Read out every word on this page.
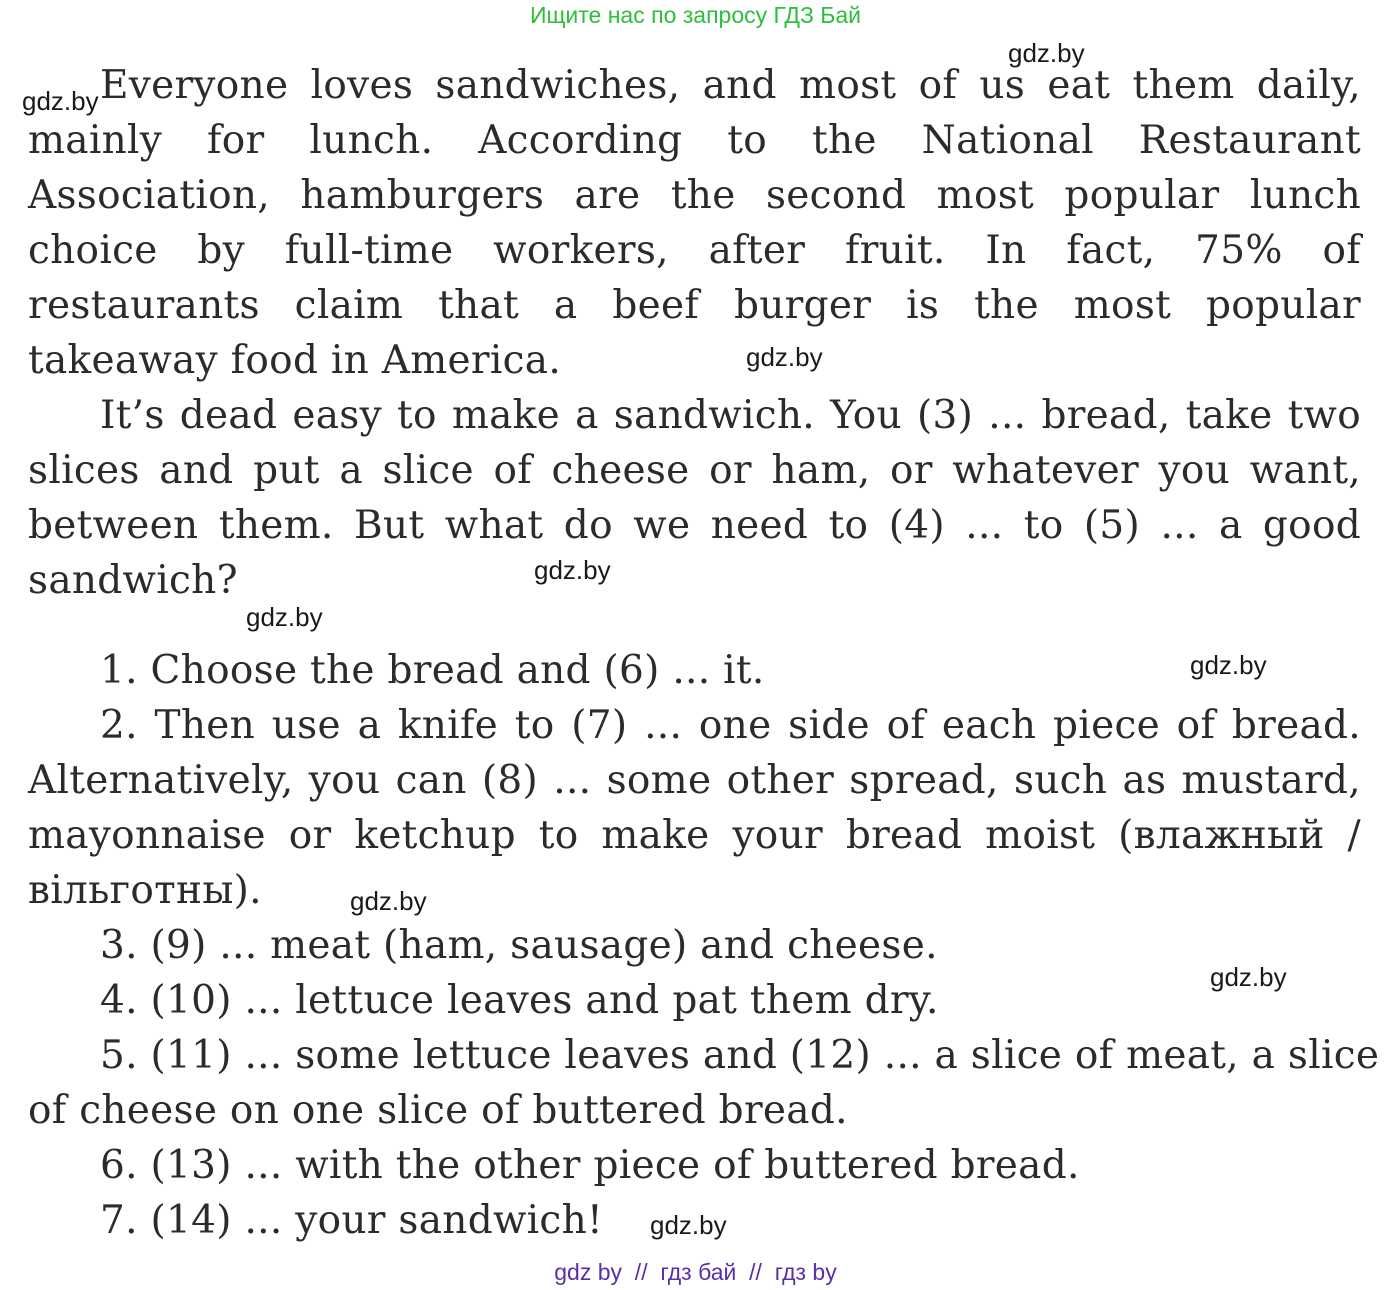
Ищите нас по запросу ГДЗ Бай
gdz.by
gdz.by
gdz.by
gdz.by
gdz.by
gdz.by
gdz.by
gdz.by
gdz.by
Everyone loves sandwiches, and most of us eat them daily,
mainly for lunch. According to the National Restaurant
Association, hamburgers are the second most popular lunch
choice by full-time workers, after fruit. In fact, 75% of
restaurants claim that a beef burger is the most popular
takeaway food in America.
It’s dead easy to make a sandwich. You (3) ... bread, take two
slices and put a slice of cheese or ham, or whatever you want,
between them. But what do we need to (4) ... to (5) ... a good
sandwich?
1. Choose the bread and (6) ... it.
2. Then use a knife to (7) ... one side of each piece of bread.
Alternatively, you can (8) ... some other spread, such as mustard,
mayonnaise or ketchup to make your bread moist (влажный /
вільготны).
3. (9) ... meat (ham, sausage) and cheese.
4. (10) ... lettuce leaves and pat them dry.
5. (11) ... some lettuce leaves and (12) ... a slice of meat, a slice
of cheese on one slice of buttered bread.
6. (13) ... with the other piece of buttered bread.
7. (14) ... your sandwich!
gdz by  //  гдз бай  //  гдз by
